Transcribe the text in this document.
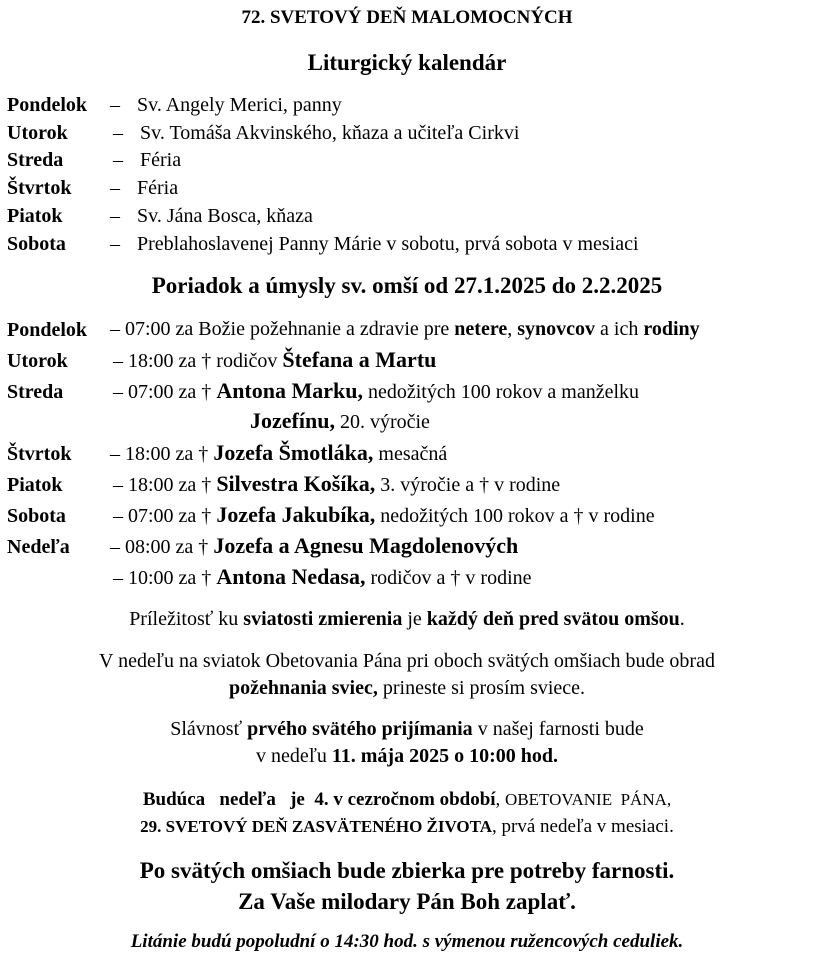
72. SVETOVÝ DEŇ MALOMOCNÝCH
Liturgický kalendár
Pondelok – Sv. Angely Merici, panny
Utorok – Sv. Tomáša Akvinského, kňaza a učiteľa Cirkvi
Streda – Féria
Štvrtok – Féria
Piatok – Sv. Jána Bosca, kňaza
Sobota – Preblahoslavenej Panny Márie v sobotu, prvá sobota v mesiaci
Poriadok a úmysly sv. omší od 27.1.2025 do 2.2.2025
Pondelok – 07:00 za Božie požehnanie a zdravie pre netere, synovcov a ich rodiny
Utorok – 18:00 za † rodičov Štefana a Martu
Streda – 07:00 za † Antona Marku, nedožitých 100 rokov a manželku
Jozefínu, 20. výročie
Štvrtok – 18:00 za † Jozefa Šmotláka, mesačná
Piatok	– 18:00 za † Silvestra Košíka, 3. výročie a † v rodine
Sobota – 07:00 za † Jozefa Jakubíka, nedožitých 100 rokov a † v rodine
Nedeľa – 08:00 za † Jozefa a Agnesu Magdolenových
– 10:00 za † Antona Nedasa, rodičov a † v rodine
Príležitosť ku sviatosti zmierenia je každý deň pred svätou omšou.
V nedeľu na sviatok Obetovania Pána pri oboch svätých omšiach bude obrad
požehnania sviec, prineste si prosím sviece.
Slávnosť prvého svätého prijímania v našej farnosti bude
v nedeľu 11. mája 2025 o 10:00 hod.
Budúca   nedeľa   je  4. v cezročnom období, OBETOVANIE  PÁNA,
29. SVETOVÝ DEŇ ZASVÄTENÉHO ŽIVOTA, prvá nedeľa v mesiaci.
Po svätých omšiach bude zbierka pre potreby farnosti.
Za Vaše milodary Pán Boh zaplať.
Litánie budú popoludní o 14:30 hod. s výmenou ružencových ceduliek.
